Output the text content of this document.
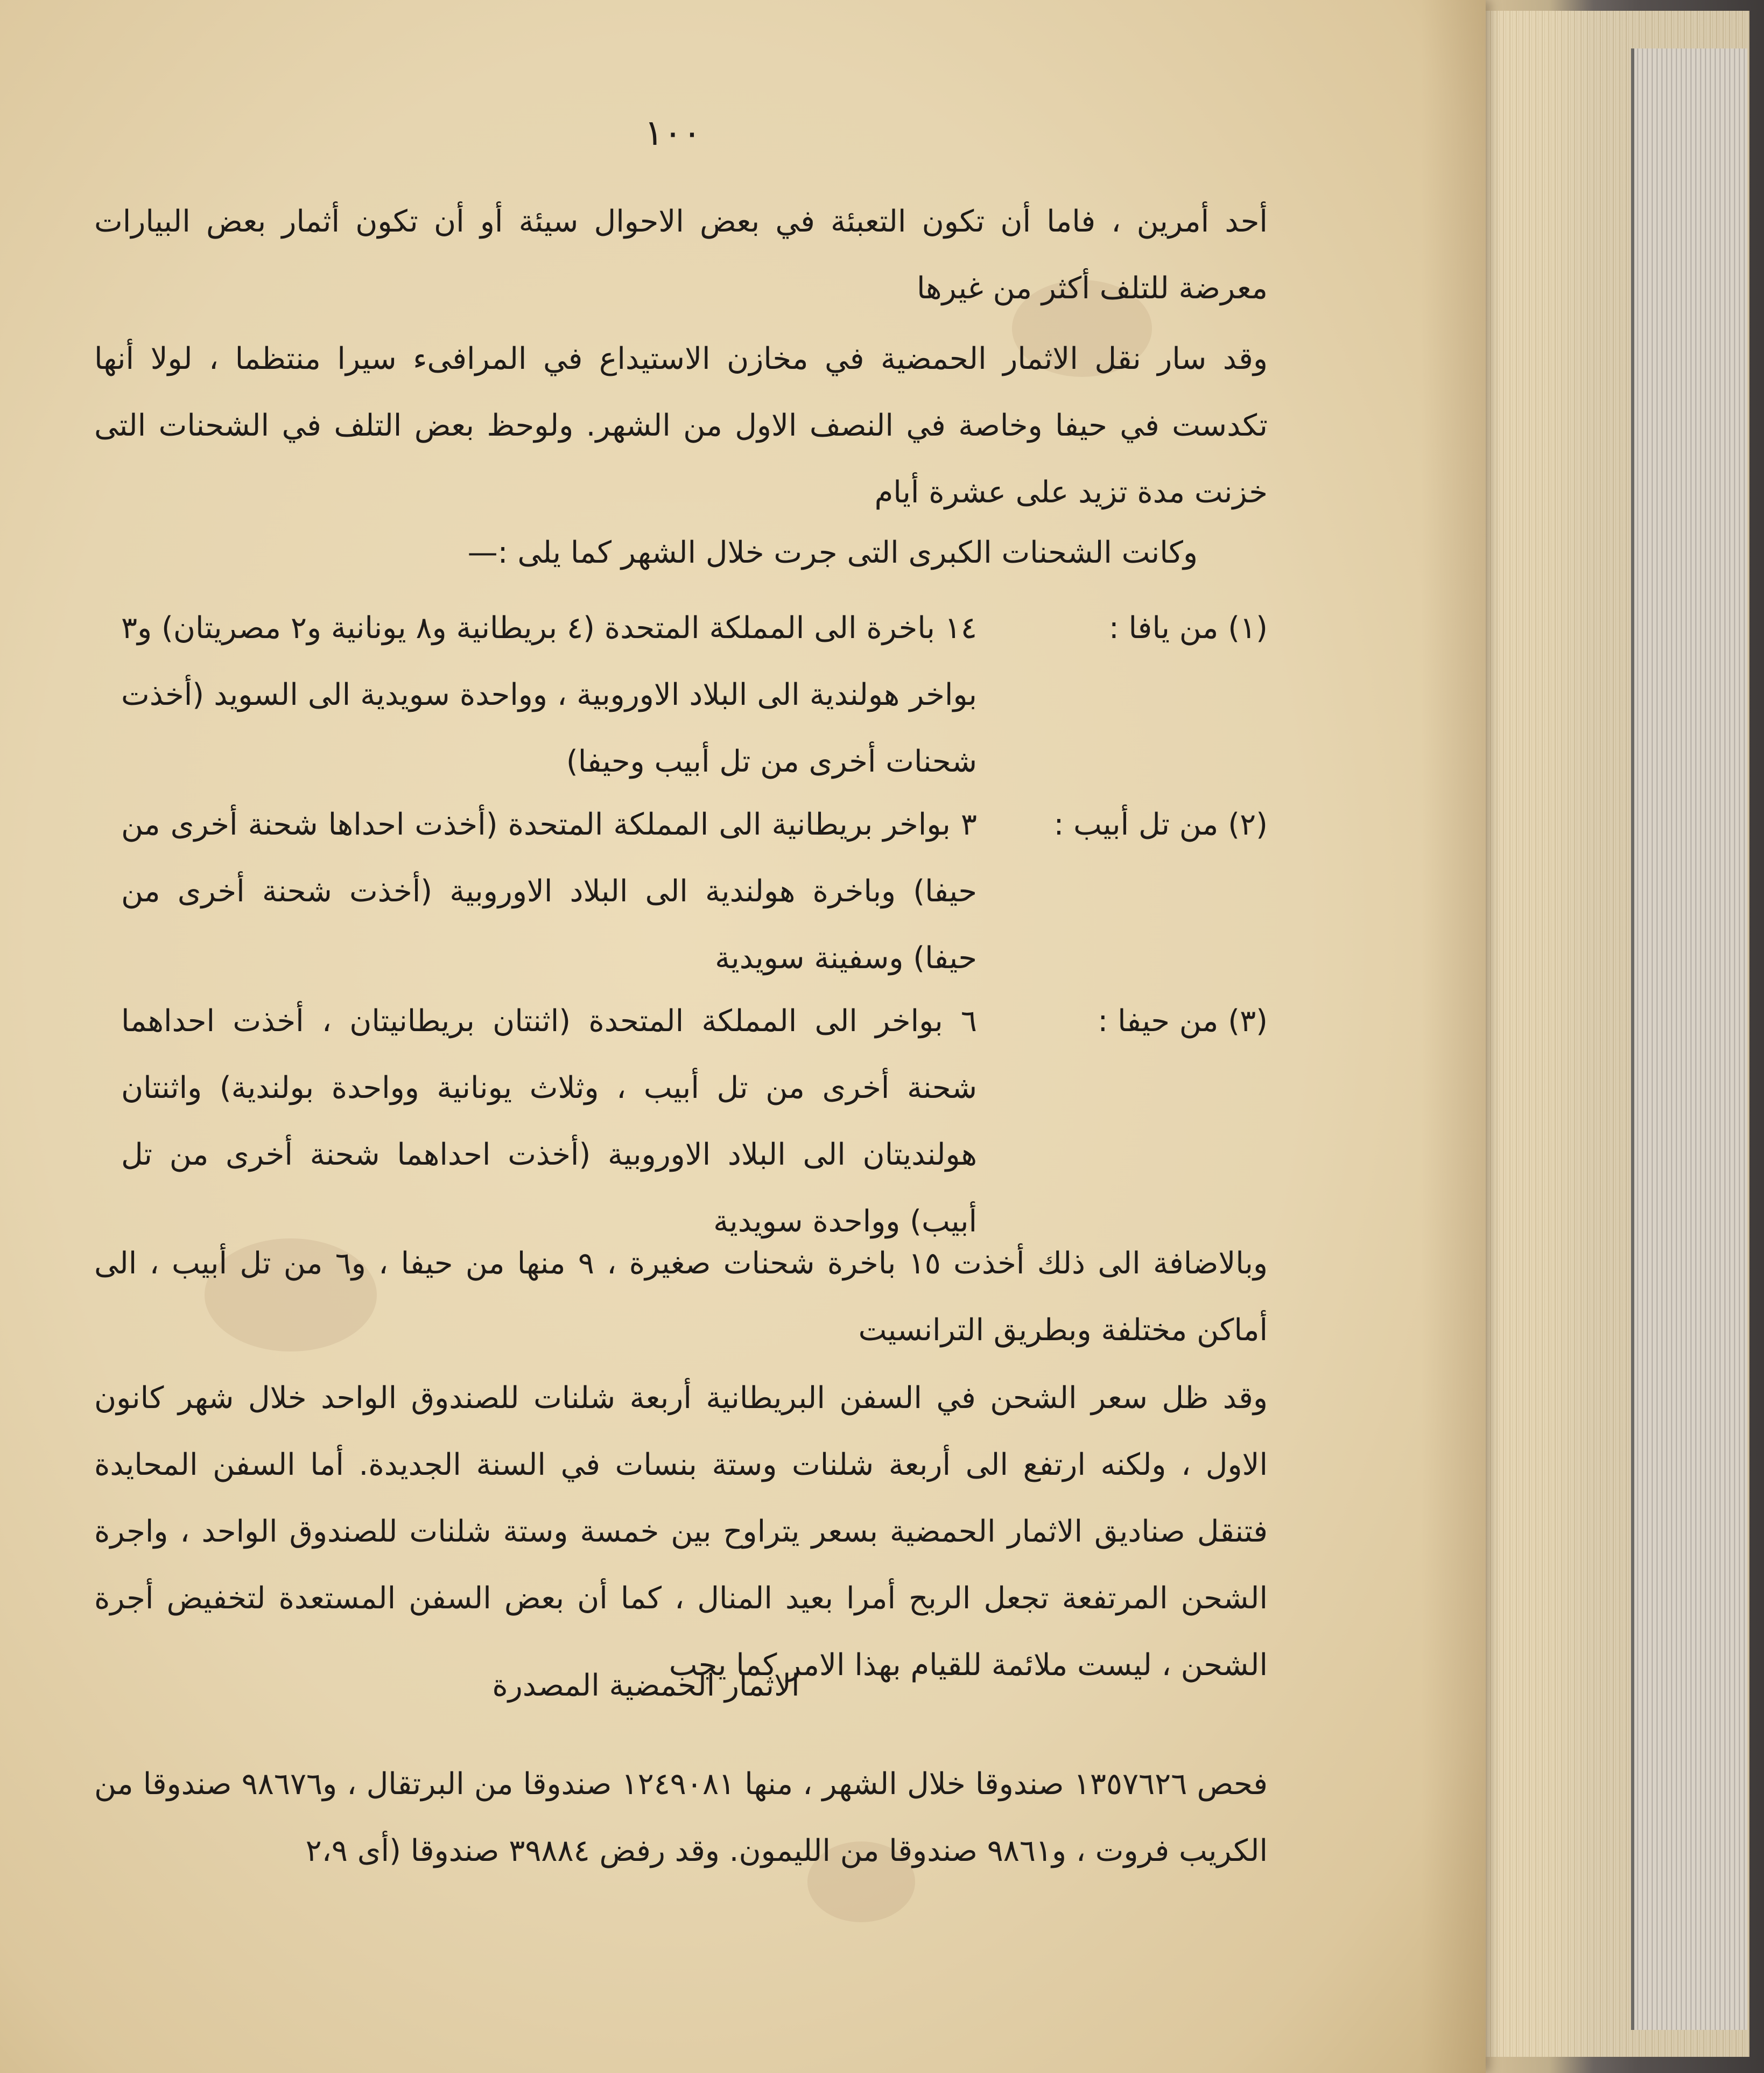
١٠٠
أحد أمرين ، فاما أن تكون التعبئة في بعض الاحوال سيئة أو أن تكون أثمار بعض البيارات معرضة للتلف أكثر من غيرها
وقد سار نقل الاثمار الحمضية في مخازن الاستيداع في المرافىء سيرا منتظما ، لولا أنها تكدست في حيفا وخاصة في النصف الاول من الشهر. ولوحظ بعض التلف في الشحنات التى خزنت مدة تزيد على عشرة أيام
وكانت الشحنات الكبرى التى جرت خلال الشهر كما يلى :—
(١) من يافا :
١٤ باخرة الى المملكة المتحدة (٤ بريطانية و٨ يونانية و٢ مصريتان) و٣ بواخر هولندية الى البلاد الاوروبية ، وواحدة سويدية الى السويد (أخذت شحنات أخرى من تل أبيب وحيفا)
(٢) من تل أبيب :
٣ بواخر بريطانية الى المملكة المتحدة (أخذت احداها شحنة أخرى من حيفا) وباخرة هولندية الى البلاد الاوروبية (أخذت شحنة أخرى من حيفا) وسفينة سويدية
(٣) من حيفا :
٦ بواخر الى المملكة المتحدة (اثنتان بريطانيتان ، أخذت احداهما شحنة أخرى من تل أبيب ، وثلاث يونانية وواحدة بولندية) واثنتان هولنديتان الى البلاد الاوروبية (أخذت احداهما شحنة أخرى من تل أبيب) وواحدة سويدية
وبالاضافة الى ذلك أخذت ١٥ باخرة شحنات صغيرة ، ٩ منها من حيفا ، و٦ من تل أبيب ، الى أماكن مختلفة وبطريق الترانسيت
وقد ظل سعر الشحن في السفن البريطانية أربعة شلنات للصندوق الواحد خلال شهر كانون الاول ، ولكنه ارتفع الى أربعة شلنات وستة بنسات في السنة الجديدة. أما السفن المحايدة فتنقل صناديق الاثمار الحمضية بسعر يتراوح بين خمسة وستة شلنات للصندوق الواحد ، واجرة الشحن المرتفعة تجعل الربح أمرا بعيد المنال ، كما أن بعض السفن المستعدة لتخفيض أجرة الشحن ، ليست ملائمة للقيام بهذا الامر كما يجب
الاثمار الحمضية المصدرة
فحص ١٣٥٧٦٢٦ صندوقا خلال الشهر ، منها ١٢٤٩٠٨١ صندوقا من البرتقال ، و٩٨٦٧٦ صندوقا من الكريب فروت ، و٩٨٦١ صندوقا من الليمون. وقد رفض ٣٩٨٨٤ صندوقا (أى ٢،٩
